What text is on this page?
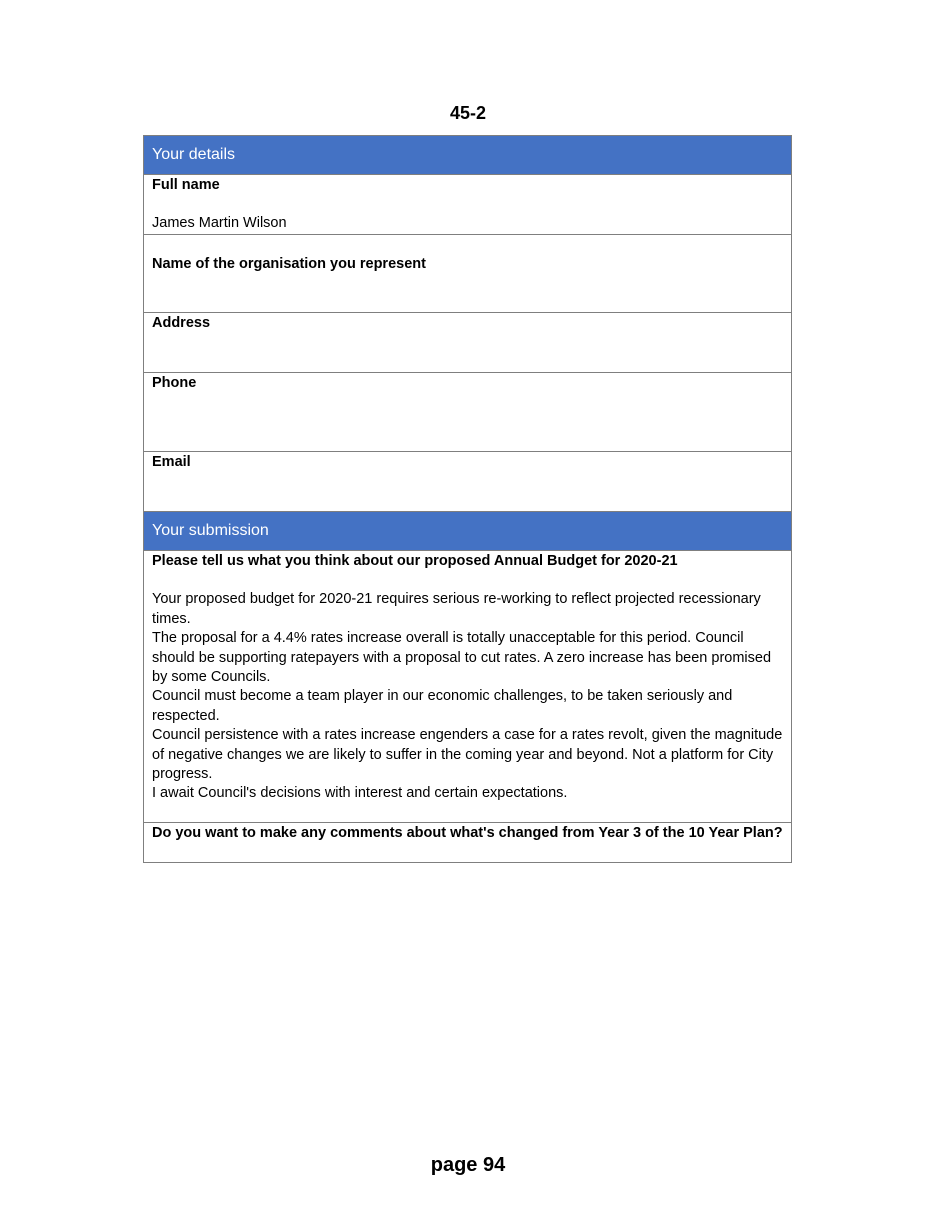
45-2
Your details

Full name
James Martin Wilson

Name of the organisation you represent

Address

Phone

Email

Your submission

Please tell us what you think about our proposed Annual Budget for 2020-21
Your proposed budget for 2020-21 requires serious re-working to reflect projected recessionary times.
The proposal for a 4.4% rates increase overall is totally unacceptable for this period. Council should be supporting ratepayers with a proposal to cut rates. A zero increase has been promised by some Councils.
Council must become a team player in our economic challenges, to be taken seriously and respected.
Council persistence with a rates increase engenders a case for a rates revolt, given the magnitude of negative changes we are likely to suffer in the coming year and beyond. Not a platform for City progress.
I await Council's decisions with interest and certain expectations.

Do you want to make any comments about what's changed from Year 3 of the 10 Year Plan?
page 94
